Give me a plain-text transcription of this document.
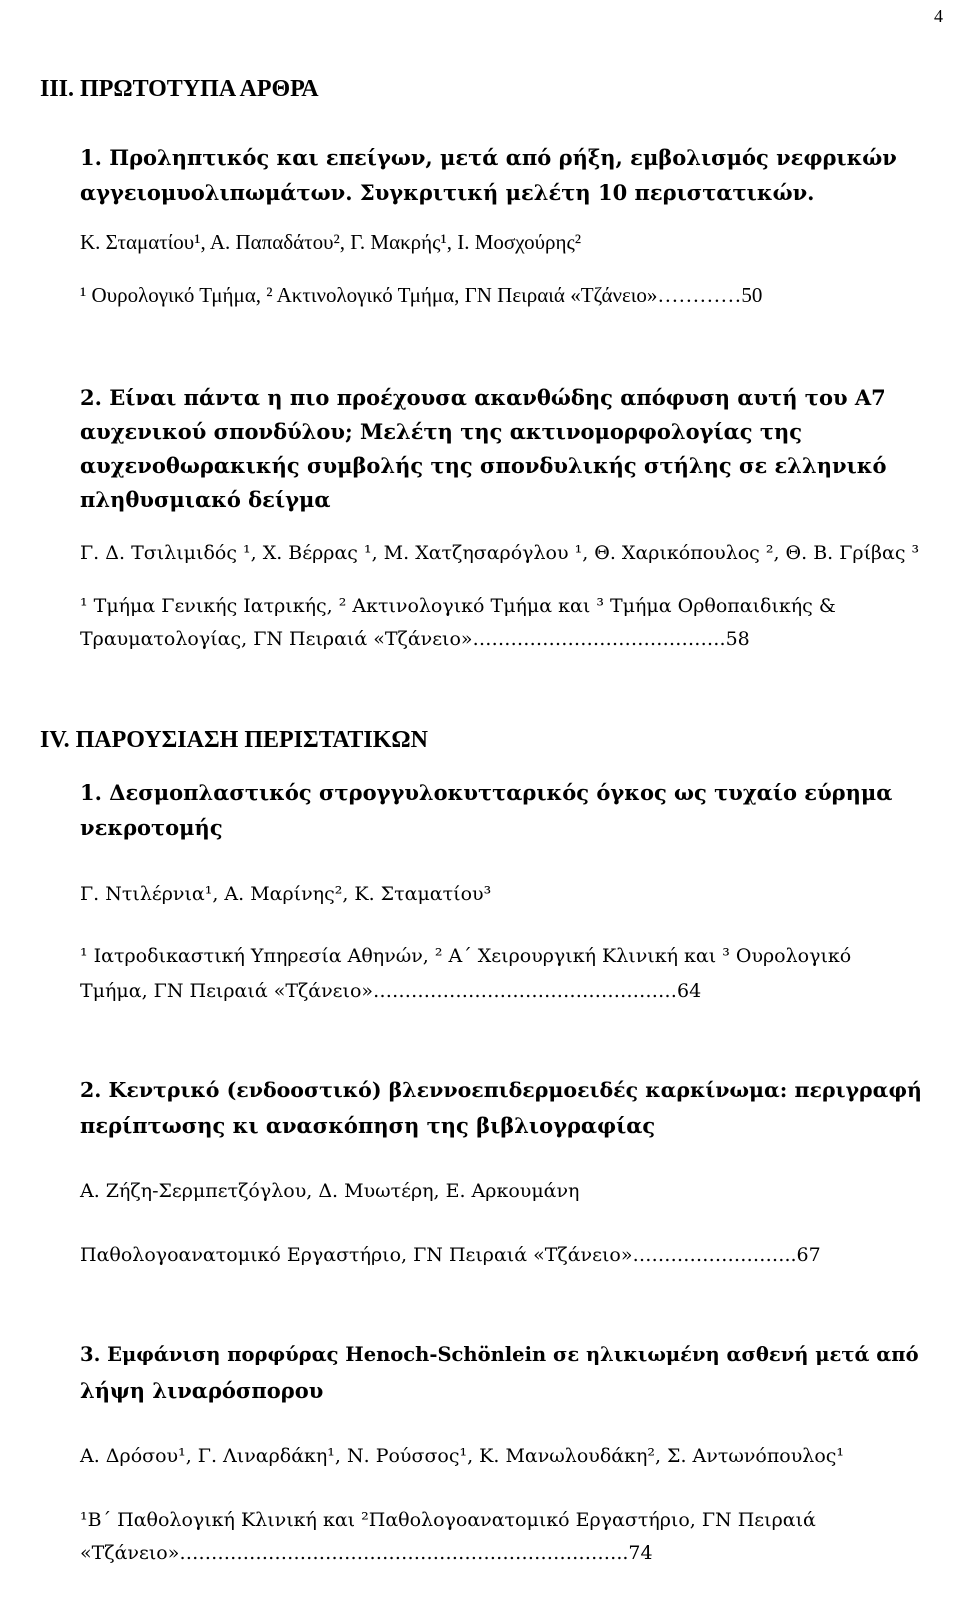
4
ΙΙΙ. ΠΡΩΤΟΤΥΠΑ ΑΡΘΡΑ
1. Προληπτικός και επείγων, μετά από ρήξη, εμβολισμός νεφρικών
αγγειομυολιπωμάτων. Συγκριτική μελέτη 10 περιστατικών.
Κ. Σταματίου¹, Α. Παπαδάτου², Γ. Μακρής¹, Ι. Μοσχούρης²
¹ Ουρολογικό Τμήμα, ² Ακτινολογικό Τμήμα, ΓΝ Πειραιά «Τζάνειο»…………50
2. Είναι πάντα η πιο προέχουσα ακανθώδης απόφυση αυτή του Α7
αυχενικού σπονδύλου; Μελέτη της ακτινομορφολογίας της
αυχενοθωρακικής συμβολής της σπονδυλικής στήλης σε ελληνικό
πληθυσμιακό δείγμα
Γ. Δ. Τσιλιμιδός ¹, Χ. Βέρρας ¹, Μ. Χατζησαρόγλου ¹, Θ. Χαρικόπουλος ², Θ. Β. Γρίβας ³
¹ Τμήμα Γενικής Ιατρικής, ² Ακτινολογικό Τμήμα και ³ Τμήμα Ορθοπαιδικής &
Τραυματολογίας, ΓΝ Πειραιά «Τζάνειο»………………………………….58
ΙV. ΠΑΡΟΥΣΙΑΣΗ ΠΕΡΙΣΤΑΤΙΚΩΝ
1. Δεσμοπλαστικός στρογγυλοκυτταρικός όγκος ως τυχαίο εύρημα
νεκροτομής
Γ. Ντιλέρνια¹, Α. Μαρίνης², Κ. Σταματίου³
¹ Ιατροδικαστική Υπηρεσία Αθηνών, ² Α΄ Χειρουργική Κλινική και ³ Ουρολογικό
Τμήμα, ΓΝ Πειραιά «Τζάνειο»…………………………………………64
2. Κεντρικό (ενδοοστικό) βλεννοεπιδερμοειδές καρκίνωμα: περιγραφή
περίπτωσης κι ανασκόπηση της βιβλιογραφίας
Α. Ζήζη-Σερμπετζόγλου, Δ. Μυωτέρη, Ε. Αρκουμάνη
Παθολογοανατομικό Εργαστήριο, ΓΝ Πειραιά «Τζάνειο»……………………..67
3. Εμφάνιση πορφύρας Henoch-Schönlein σε ηλικιωμένη ασθενή μετά από
λήψη λιναρόσπορου
Α. Δρόσου¹, Γ. Λιναρδάκη¹, Ν. Ρούσσος¹, Κ. Μανωλουδάκη², Σ. Αντωνόπουλος¹
¹Β΄ Παθολογική Κλινική και ²Παθολογοανατομικό Εργαστήριο, ΓΝ Πειραιά
«Τζάνειο»……………………………………………………………..74
